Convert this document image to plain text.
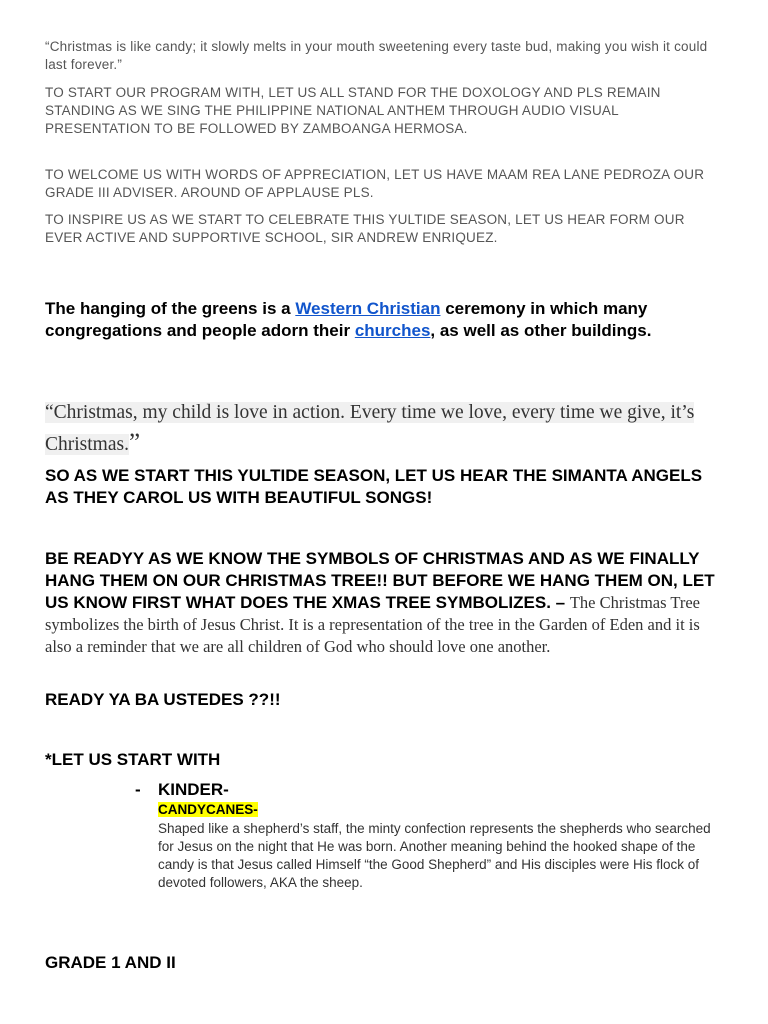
“Christmas is like candy; it slowly melts in your mouth sweetening every taste bud, making you wish it could last forever.”

TO START OUR PROGRAM WITH, LET US ALL STAND FOR THE DOXOLOGY AND PLS REMAIN STANDING AS WE SING THE PHILIPPINE NATIONAL ANTHEM THROUGH AUDIO VISUAL PRESENTATION TO BE FOLLOWED BY ZAMBOANGA HERMOSA.

TO WELCOME US WITH WORDS OF APPRECIATION, LET US HAVE MAAM REA LANE PEDROZA OUR GRADE III ADVISER. AROUND OF APPLAUSE PLS.

TO INSPIRE US AS WE START TO CELEBRATE THIS YULTIDE SEASON, LET US HEAR FORM OUR EVER ACTIVE AND SUPPORTIVE SCHOOL, SIR ANDREW ENRIQUEZ.

The hanging of the greens is a Western Christian ceremony in which many congregations and people adorn their churches, as well as other buildings.

“Christmas, my child is love in action. Every time we love, every time we give, it’s Christmas.”

SO AS WE START THIS YULTIDE SEASON, LET US HEAR THE SIMANTA ANGELS AS THEY CAROL US WITH BEAUTIFUL SONGS!

BE READYY AS WE KNOW THE SYMBOLS OF CHRISTMAS AND AS WE FINALLY HANG THEM ON OUR CHRISTMAS TREE!! BUT BEFORE WE HANG THEM ON, LET US KNOW FIRST WHAT DOES THE XMAS TREE SYMBOLIZES. – The Christmas Tree symbolizes the birth of Jesus Christ. It is a representation of the tree in the Garden of Eden and it is also a reminder that we are all children of God who should love one another.

READY YA BA USTEDES ??!!

*LET US START WITH

- KINDER-
CANDYCANES-

Shaped like a shepherd’s staff, the minty confection represents the shepherds who searched for Jesus on the night that He was born. Another meaning behind the hooked shape of the candy is that Jesus called Himself “the Good Shepherd” and His disciples were His flock of devoted followers, AKA the sheep.

GRADE 1 AND II
